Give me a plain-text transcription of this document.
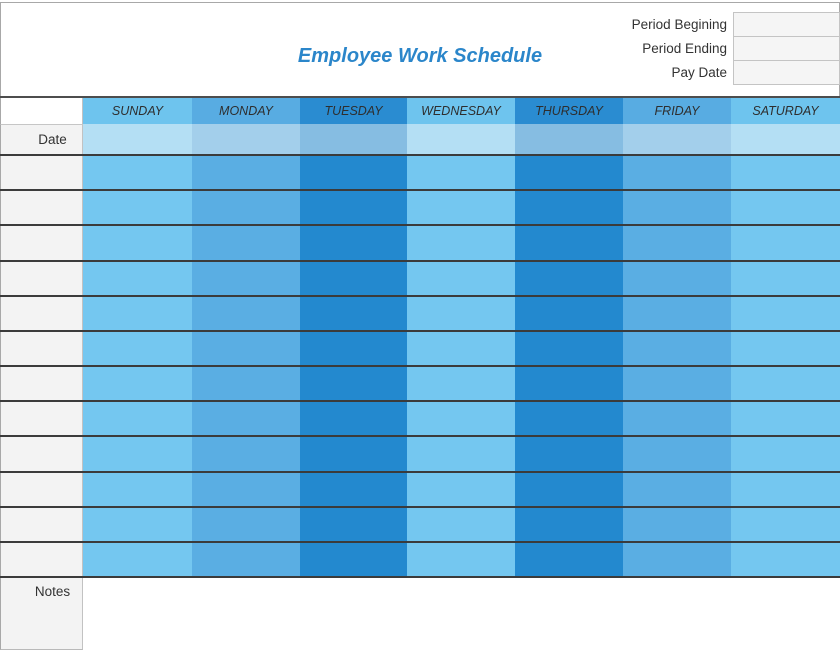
Employee Work Schedule
Period Begining
Period Ending
Pay Date
SUNDAY	MONDAY	TUESDAY	WEDNESDAY	THURSDAY	FRIDAY	SATURDAY
Date
Notes
